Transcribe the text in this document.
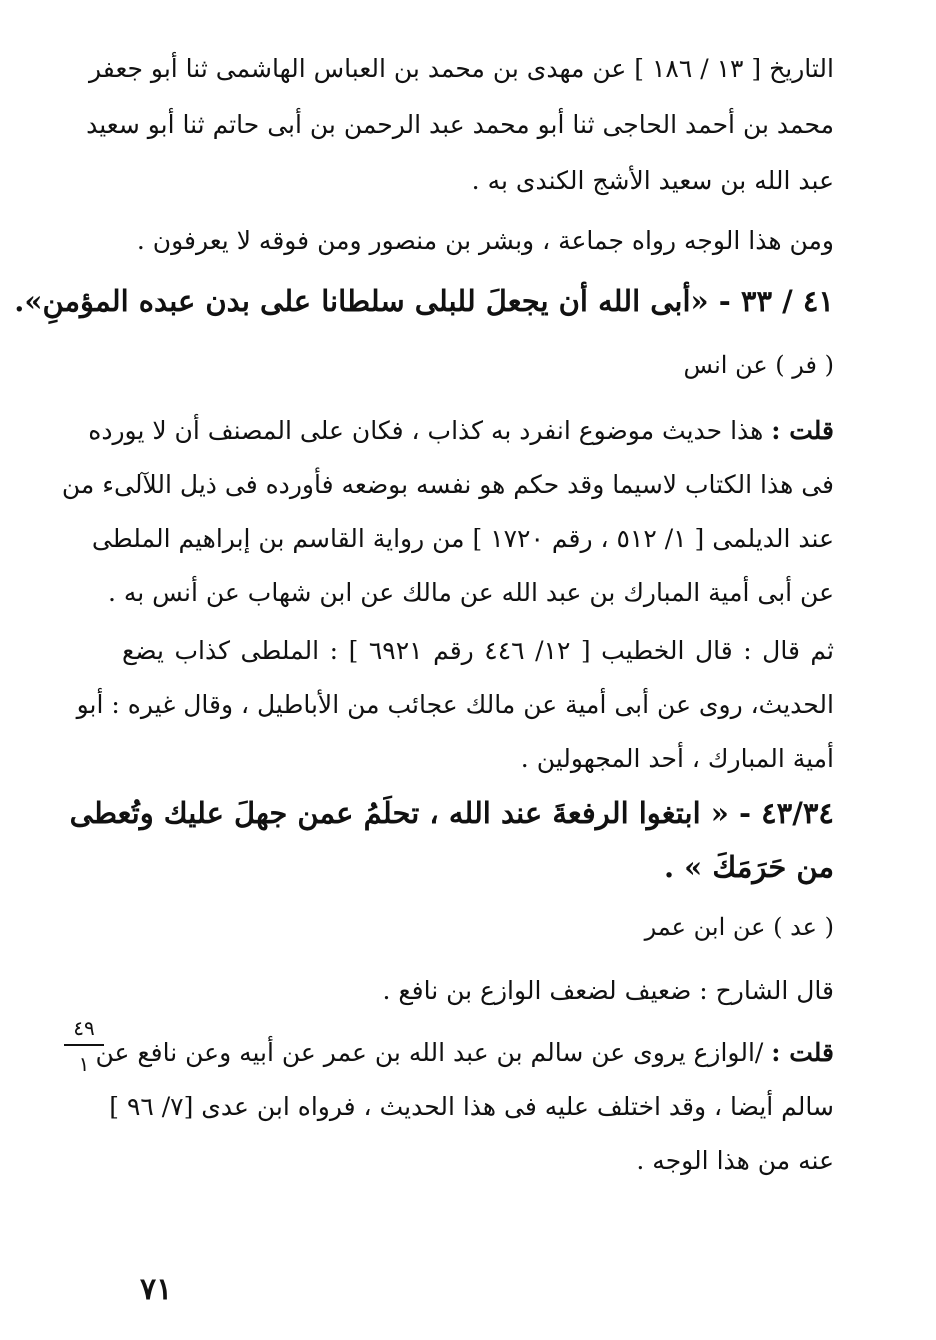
التاريخ [ ١٣ / ١٨٦ ] عن مهدى بن محمد بن العباس الهاشمى ثنا أبو جعفر
محمد بن أحمد الحاجى ثنا أبو محمد عبد الرحمن بن أبى حاتم ثنا أبو سعيد
عبد الله بن سعيد الأشج الكندى به .
ومن هذا الوجه رواه جماعة ، وبشر بن منصور ومن فوقه لا يعرفون .
٤١ / ٣٣ - «أبى الله أن يجعلَ للبلى سلطانا على بدن عبده المؤمنِ».
( فر ) عن انس
قلت : هذا حديث موضوع انفرد به كذاب ، فكان على المصنف أن لا يورده
فى هذا الكتاب لاسيما وقد حكم هو نفسه بوضعه فأورده فى ذيل اللآلىء من
عند الديلمى [ ١/ ٥١٢ ، رقم ١٧٢٠ ] من رواية القاسم بن إبراهيم الملطى
عن أبى أمية المبارك بن عبد الله عن مالك عن ابن شهاب عن أنس به .
ثم قال : قال الخطيب [ ١٢/ ٤٤٦ رقم ٦٩٢١ ] : الملطى كذاب يضع
الحديث، روى عن أبى أمية عن مالك عجائب من الأباطيل ، وقال غيره : أبو
أمية المبارك ، أحد المجهولين .
٤٣/٣٤ - « ابتغوا الرفعةَ عند الله ، تحلَمُ عمن جهلَ عليك وتُعطى
من حَرَمَكَ » .
( عد ) عن ابن عمر
قال الشارح : ضعيف لضعف الوازع بن نافع .
قلت : /الوازع يروى عن سالم بن عبد الله بن عمر عن أبيه وعن نافع عن
سالم أيضا ، وقد اختلف عليه فى هذا الحديث ، فرواه ابن عدى [٧/ ٩٦ ]
عنه من هذا الوجه .
٤٩
١
٧١
